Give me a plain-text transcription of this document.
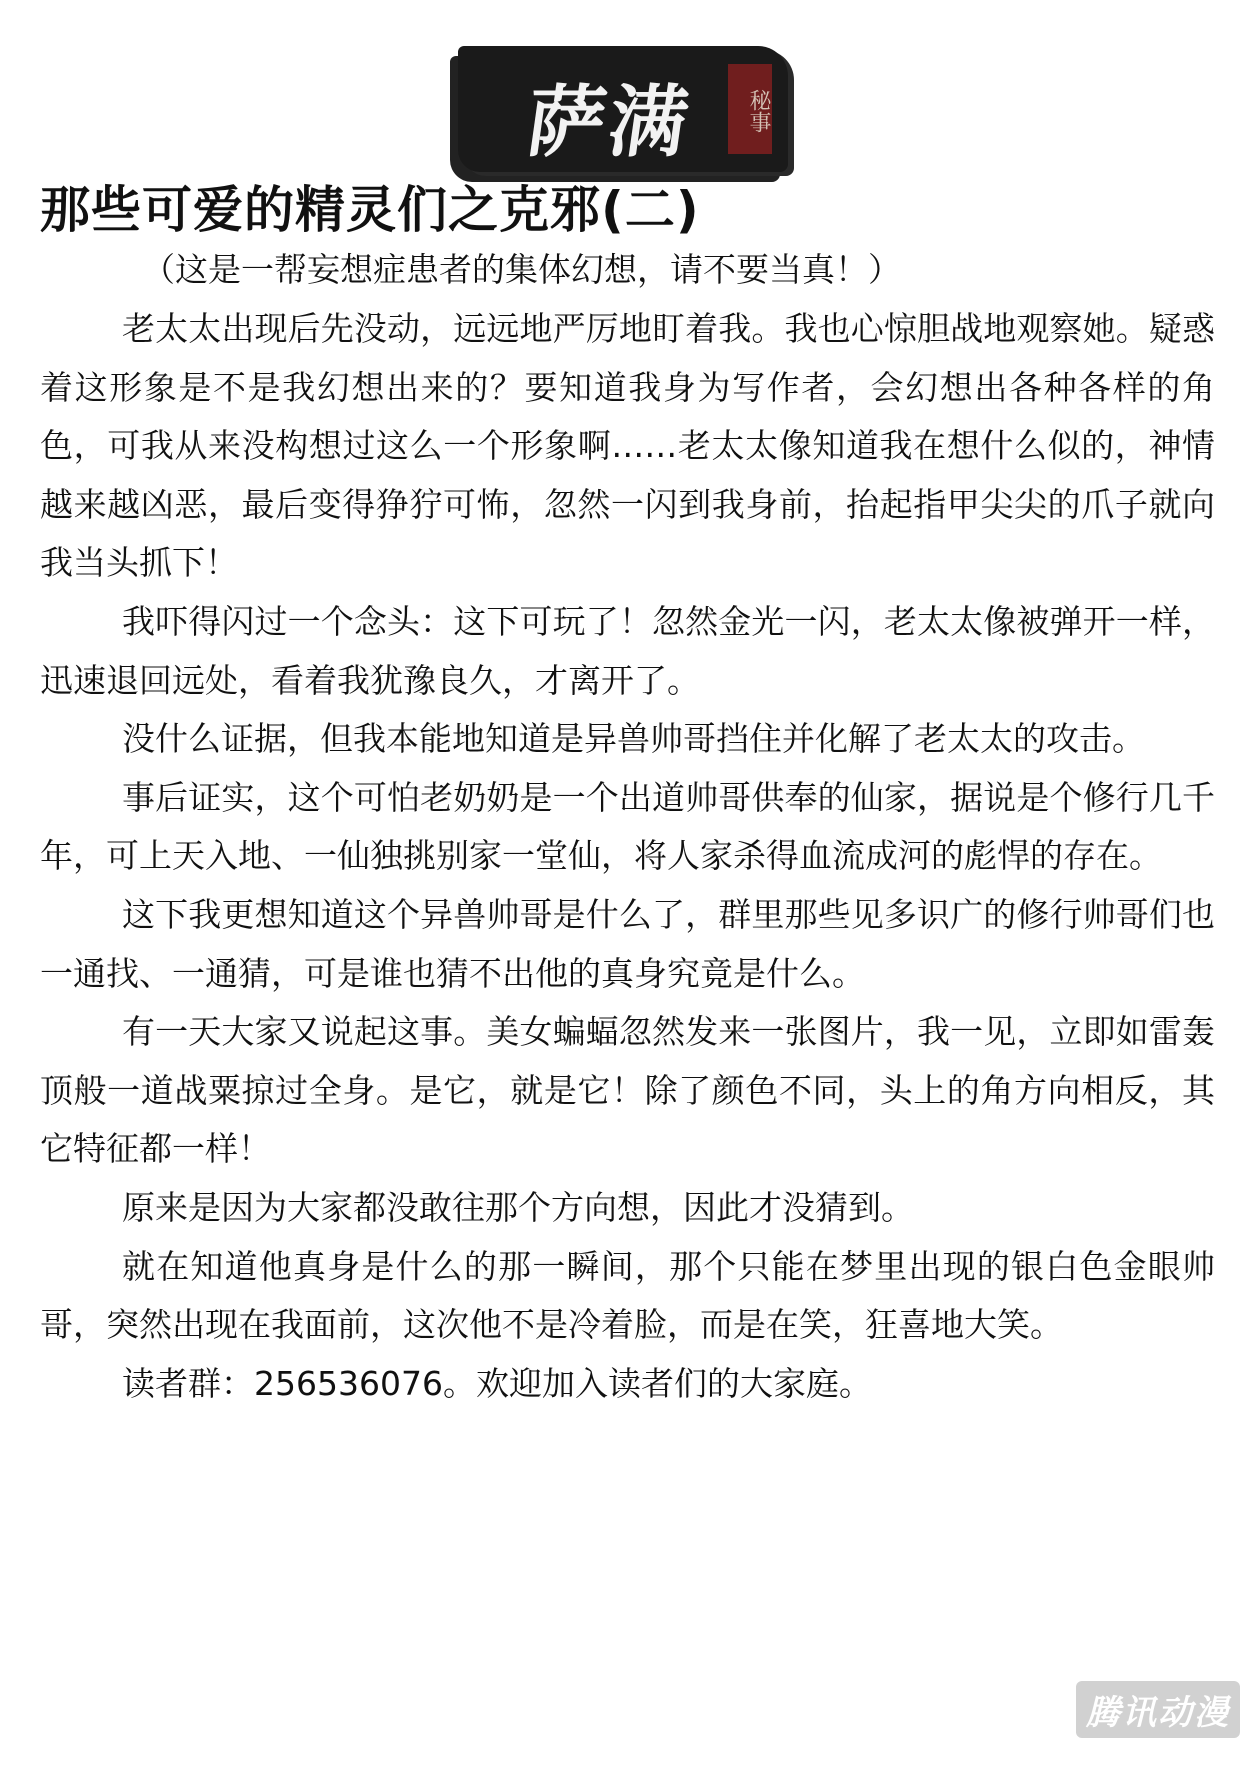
萨满	秘事
那些可爱的精灵们之克邪(二)
（这是一帮妄想症患者的集体幻想，请不要当真！）

老太太出现后先没动，远远地严厉地盯着我。我也心惊胆战地观察她。疑惑着这形象是不是我幻想出来的？要知道我身为写作者，会幻想出各种各样的角色，可我从来没构想过这么一个形象啊……老太太像知道我在想什么似的，神情越来越凶恶，最后变得狰狞可怖，忽然一闪到我身前，抬起指甲尖尖的爪子就向我当头抓下！

我吓得闪过一个念头：这下可玩了！忽然金光一闪，老太太像被弹开一样，迅速退回远处，看着我犹豫良久，才离开了。

没什么证据，但我本能地知道是异兽帅哥挡住并化解了老太太的攻击。

事后证实，这个可怕老奶奶是一个出道帅哥供奉的仙家，据说是个修行几千年，可上天入地、一仙独挑别家一堂仙，将人家杀得血流成河的彪悍的存在。

这下我更想知道这个异兽帅哥是什么了，群里那些见多识广的修行帅哥们也一通找、一通猜，可是谁也猜不出他的真身究竟是什么。

有一天大家又说起这事。美女蝙蝠忽然发来一张图片，我一见，立即如雷轰顶般一道战粟掠过全身。是它，就是它！除了颜色不同，头上的角方向相反，其它特征都一样！

原来是因为大家都没敢往那个方向想，因此才没猜到。

就在知道他真身是什么的那一瞬间，那个只能在梦里出现的银白色金眼帅哥，突然出现在我面前，这次他不是冷着脸，而是在笑，狂喜地大笑。

读者群：256536076。欢迎加入读者们的大家庭。

腾讯动漫
